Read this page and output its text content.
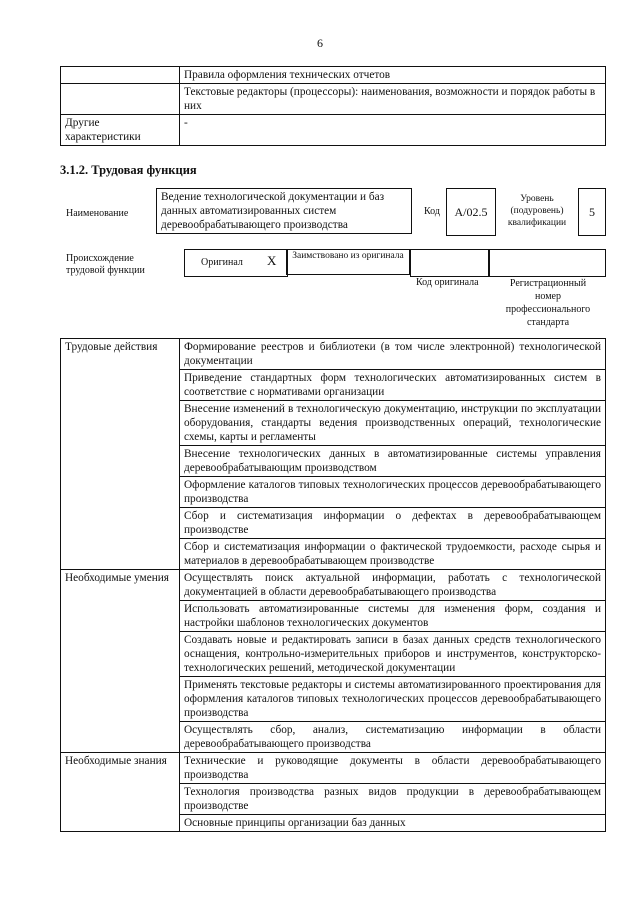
6
	Правила оформления технических отчетов
	Текстовые редакторы (процессоры): наименования, возможности и порядок работы в них
Другие характеристики	-
3.1.2. Трудовая функция
Наименование
Ведение технологической документации и баз данных автоматизированных систем деревообрабатывающего производства
Код	A/02.5
Уровень (подуровень) квалификации
5
Происхождение трудовой функции
Оригинал X	Заимствовано из оригинала
Код оригинала	Регистрационный номер профессионального стандарта
Трудовые действия	Формирование реестров и библиотеки (в том числе электронной) технологической документации
	Приведение стандартных форм технологических автоматизированных систем в соответствие с нормативами организации
	Внесение изменений в технологическую документацию, инструкции по эксплуатации оборудования, стандарты ведения производственных операций, технологические схемы, карты и регламенты
	Внесение технологических данных в автоматизированные системы управления деревообрабатывающим производством
	Оформление каталогов типовых технологических процессов деревообрабатывающего производства
	Сбор и систематизация информации о дефектах в деревообрабатывающем производстве
	Сбор и систематизация информации о фактической трудоемкости, расходе сырья и материалов в деревообрабатывающем производстве
Необходимые умения	Осуществлять поиск актуальной информации, работать с технологической документацией в области деревообрабатывающего производства
	Использовать автоматизированные системы для изменения форм, создания и настройки шаблонов технологических документов
	Создавать новые и редактировать записи в базах данных средств технологического оснащения, контрольно-измерительных приборов и инструментов, конструкторско-технологических решений, методической документации
	Применять текстовые редакторы и системы автоматизированного проектирования для оформления каталогов типовых технологических процессов деревообрабатывающего производства
	Осуществлять сбор, анализ, систематизацию информации в области деревообрабатывающего производства
Необходимые знания	Технические и руководящие документы в области деревообрабатывающего производства
	Технология производства разных видов продукции в деревообрабатывающем производстве
	Основные принципы организации баз данных
